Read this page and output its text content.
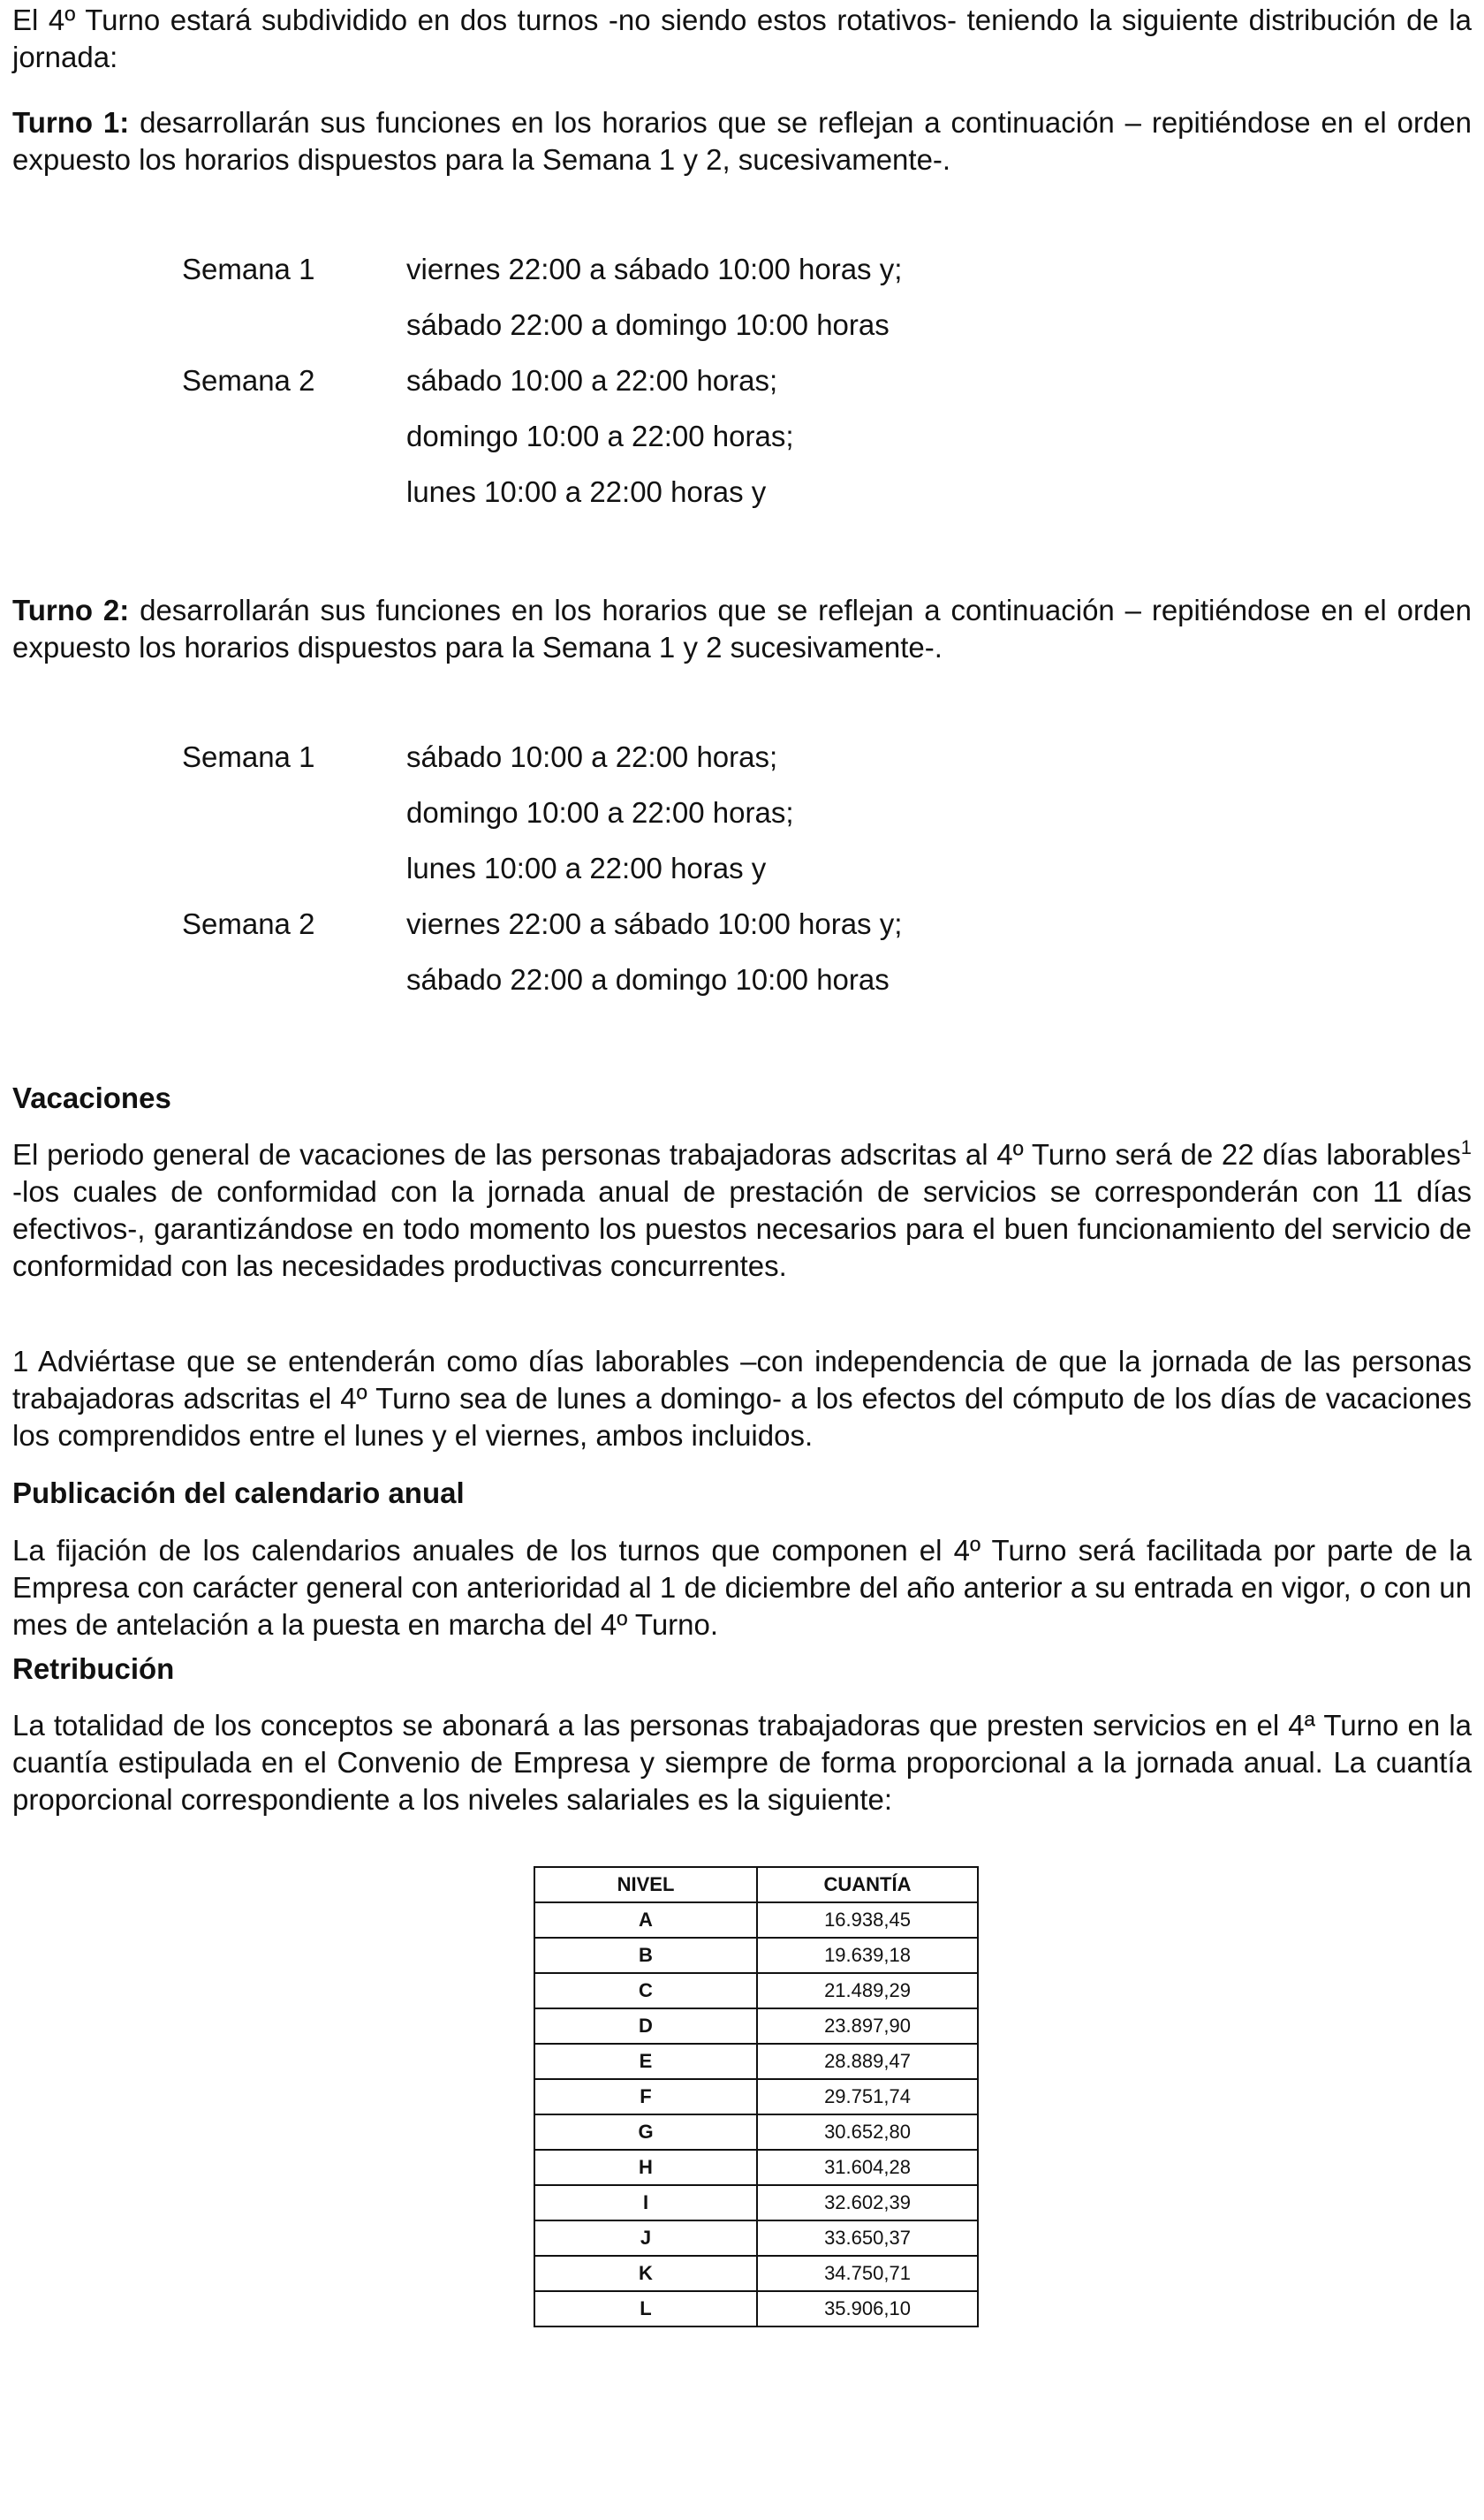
El 4º Turno estará subdividido en dos turnos -no siendo estos rotativos- teniendo la siguiente distribución de la jornada:

Turno 1: desarrollarán sus funciones en los horarios que se reflejan a continuación – repitiéndose en el orden expuesto los horarios dispuestos para la Semana 1 y 2, sucesivamente-.

Semana 1	viernes 22:00 a sábado 10:00 horas y;
sábado 22:00 a domingo 10:00 horas
Semana 2	sábado 10:00 a 22:00 horas;
domingo 10:00 a 22:00 horas;
lunes 10:00 a 22:00 horas y

Turno 2: desarrollarán sus funciones en los horarios que se reflejan a continuación – repitiéndose en el orden expuesto los horarios dispuestos para la Semana 1 y 2 sucesivamente-.

Semana 1	sábado 10:00 a 22:00 horas;
domingo 10:00 a 22:00 horas;
lunes 10:00 a 22:00 horas y
Semana 2	viernes 22:00 a sábado 10:00 horas y;
sábado 22:00 a domingo 10:00 horas

Vacaciones

El periodo general de vacaciones de las personas trabajadoras adscritas al 4º Turno será de 22 días laborables$^1$ -los cuales de conformidad con la jornada anual de prestación de servicios se corresponderán con 11 días efectivos-, garantizándose en todo momento los puestos necesarios para el buen funcionamiento del servicio de conformidad con las necesidades productivas concurrentes.

1 Adviértase que se entenderán como días laborables –con independencia de que la jornada de las personas trabajadoras adscritas el 4º Turno sea de lunes a domingo- a los efectos del cómputo de los días de vacaciones los comprendidos entre el lunes y el viernes, ambos incluidos.

Publicación del calendario anual

La fijación de los calendarios anuales de los turnos que componen el 4º Turno será facilitada por parte de la Empresa con carácter general con anterioridad al 1 de diciembre del año anterior a su entrada en vigor, o con un mes de antelación a la puesta en marcha del 4º Turno.

Retribución

La totalidad de los conceptos se abonará a las personas trabajadoras que presten servicios en el 4ª Turno en la cuantía estipulada en el Convenio de Empresa y siempre de forma proporcional a la jornada anual. La cuantía proporcional correspondiente a los niveles salariales es la siguiente:

NIVEL	CUANTÍA
A	16.938,45
B	19.639,18
C	21.489,29
D	23.897,90
E	28.889,47
F	29.751,74
G	30.652,80
H	31.604,28
I	32.602,39
J	33.650,37
K	34.750,71
L	35.906,10
